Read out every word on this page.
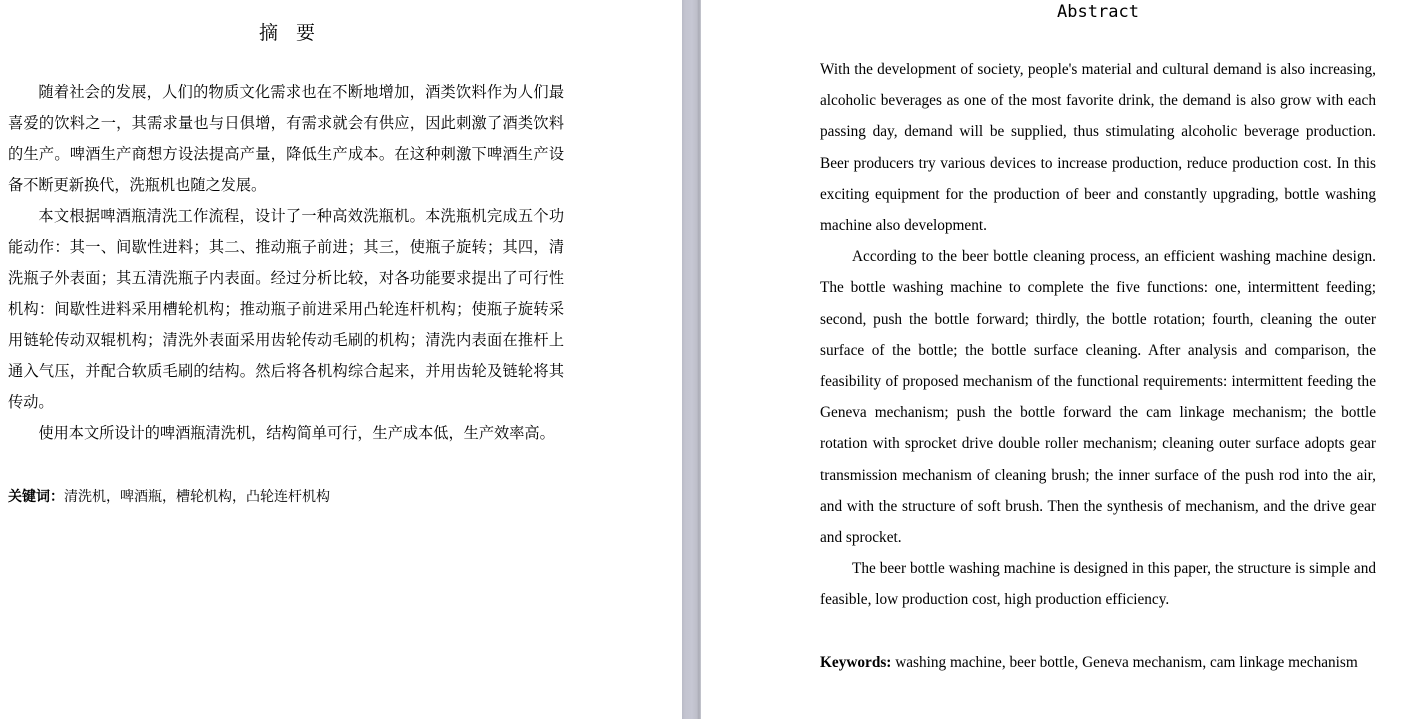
摘 要

随着社会的发展，人们的物质文化需求也在不断地增加，酒类饮料作为人们最喜爱的饮料之一，其需求量也与日俱增，有需求就会有供应，因此刺激了酒类饮料的生产。啤酒生产商想方设法提高产量，降低生产成本。在这种刺激下啤酒生产设备不断更新换代，洗瓶机也随之发展。

本文根据啤酒瓶清洗工作流程，设计了一种高效洗瓶机。本洗瓶机完成五个功能动作：其一、间歇性进料；其二、推动瓶子前进；其三，使瓶子旋转；其四，清洗瓶子外表面；其五清洗瓶子内表面。经过分析比较，对各功能要求提出了可行性机构：间歇性进料采用槽轮机构；推动瓶子前进采用凸轮连杆机构；使瓶子旋转采用链轮传动双辊机构；清洗外表面采用齿轮传动毛刷的机构；清洗内表面在推杆上通入气压，并配合软质毛刷的结构。然后将各机构综合起来，并用齿轮及链轮将其传动。

使用本文所设计的啤酒瓶清洗机，结构简单可行，生产成本低，生产效率高。

关键词：清洗机，啤酒瓶，槽轮机构，凸轮连杆机构
Abstract

With the development of society, people's material and cultural demand is also increasing, alcoholic beverages as one of the most favorite drink, the demand is also grow with each passing day, demand will be supplied, thus stimulating alcoholic beverage production. Beer producers try various devices to increase production, reduce production cost. In this exciting equipment for the production of beer and constantly upgrading, bottle washing machine also development.

According to the beer bottle cleaning process, an efficient washing machine design. The bottle washing machine to complete the five functions: one, intermittent feeding; second, push the bottle forward; thirdly, the bottle rotation; fourth, cleaning the outer surface of the bottle; the bottle surface cleaning. After analysis and comparison, the feasibility of proposed mechanism of the functional requirements: intermittent feeding the Geneva mechanism; push the bottle forward the cam linkage mechanism; the bottle rotation with sprocket drive double roller mechanism; cleaning outer surface adopts gear transmission mechanism of cleaning brush; the inner surface of the push rod into the air, and with the structure of soft brush. Then the synthesis of mechanism, and the drive gear and sprocket.

The beer bottle washing machine is designed in this paper, the structure is simple and feasible, low production cost, high production efficiency.

Keywords: washing machine, beer bottle, Geneva mechanism, cam linkage mechanism
